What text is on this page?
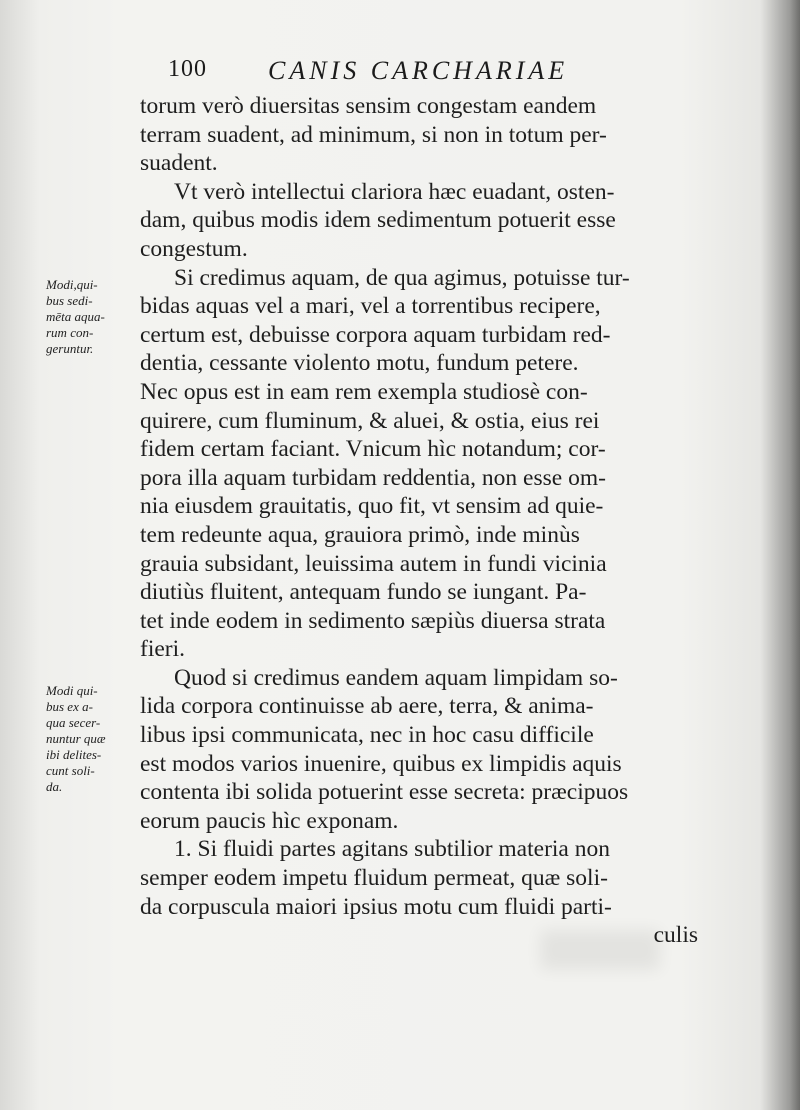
100 CANIS CARCHARIAE
Modi,qui-
bus sedi-
mēta aqua-
rum con-
geruntur.
Modi qui-
bus ex a-
qua secer-
nuntur quæ
ibi delites-
cunt soli-
da.
torum verò diuersitas sensim congestam eandem
terram suadent, ad minimum, si non in totum per-
suadent.
Vt verò intellectui clariora hæc euadant, osten-
dam, quibus modis idem sedimentum potuerit esse
congestum.
Si credimus aquam, de qua agimus, potuisse tur-
bidas aquas vel a mari, vel a torrentibus recipere,
certum est, debuisse corpora aquam turbidam red-
dentia, cessante violento motu, fundum petere.
Nec opus est in eam rem exempla studiosè con-
quirere, cum fluminum, & aluei, & ostia, eius rei
fidem certam faciant. Vnicum hìc notandum; cor-
pora illa aquam turbidam reddentia, non esse om-
nia eiusdem grauitatis, quo fit, vt sensim ad quie-
tem redeunte aqua, grauiora primò, inde minùs
grauia subsidant, leuissima autem in fundi vicinia
diutiùs fluitent, antequam fundo se iungant. Pa-
tet inde eodem in sedimento sæpiùs diuersa strata
fieri.
Quod si credimus eandem aquam limpidam so-
lida corpora continuisse ab aere, terra, & anima-
libus ipsi communicata, nec in hoc casu difficile
est modos varios inuenire, quibus ex limpidis aquis
contenta ibi solida potuerint esse secreta: præcipuos
eorum paucis hìc exponam.
1. Si fluidi partes agitans subtilior materia non
semper eodem impetu fluidum permeat, quæ soli-
da corpuscula maiori ipsius motu cum fluidi parti-
culis
